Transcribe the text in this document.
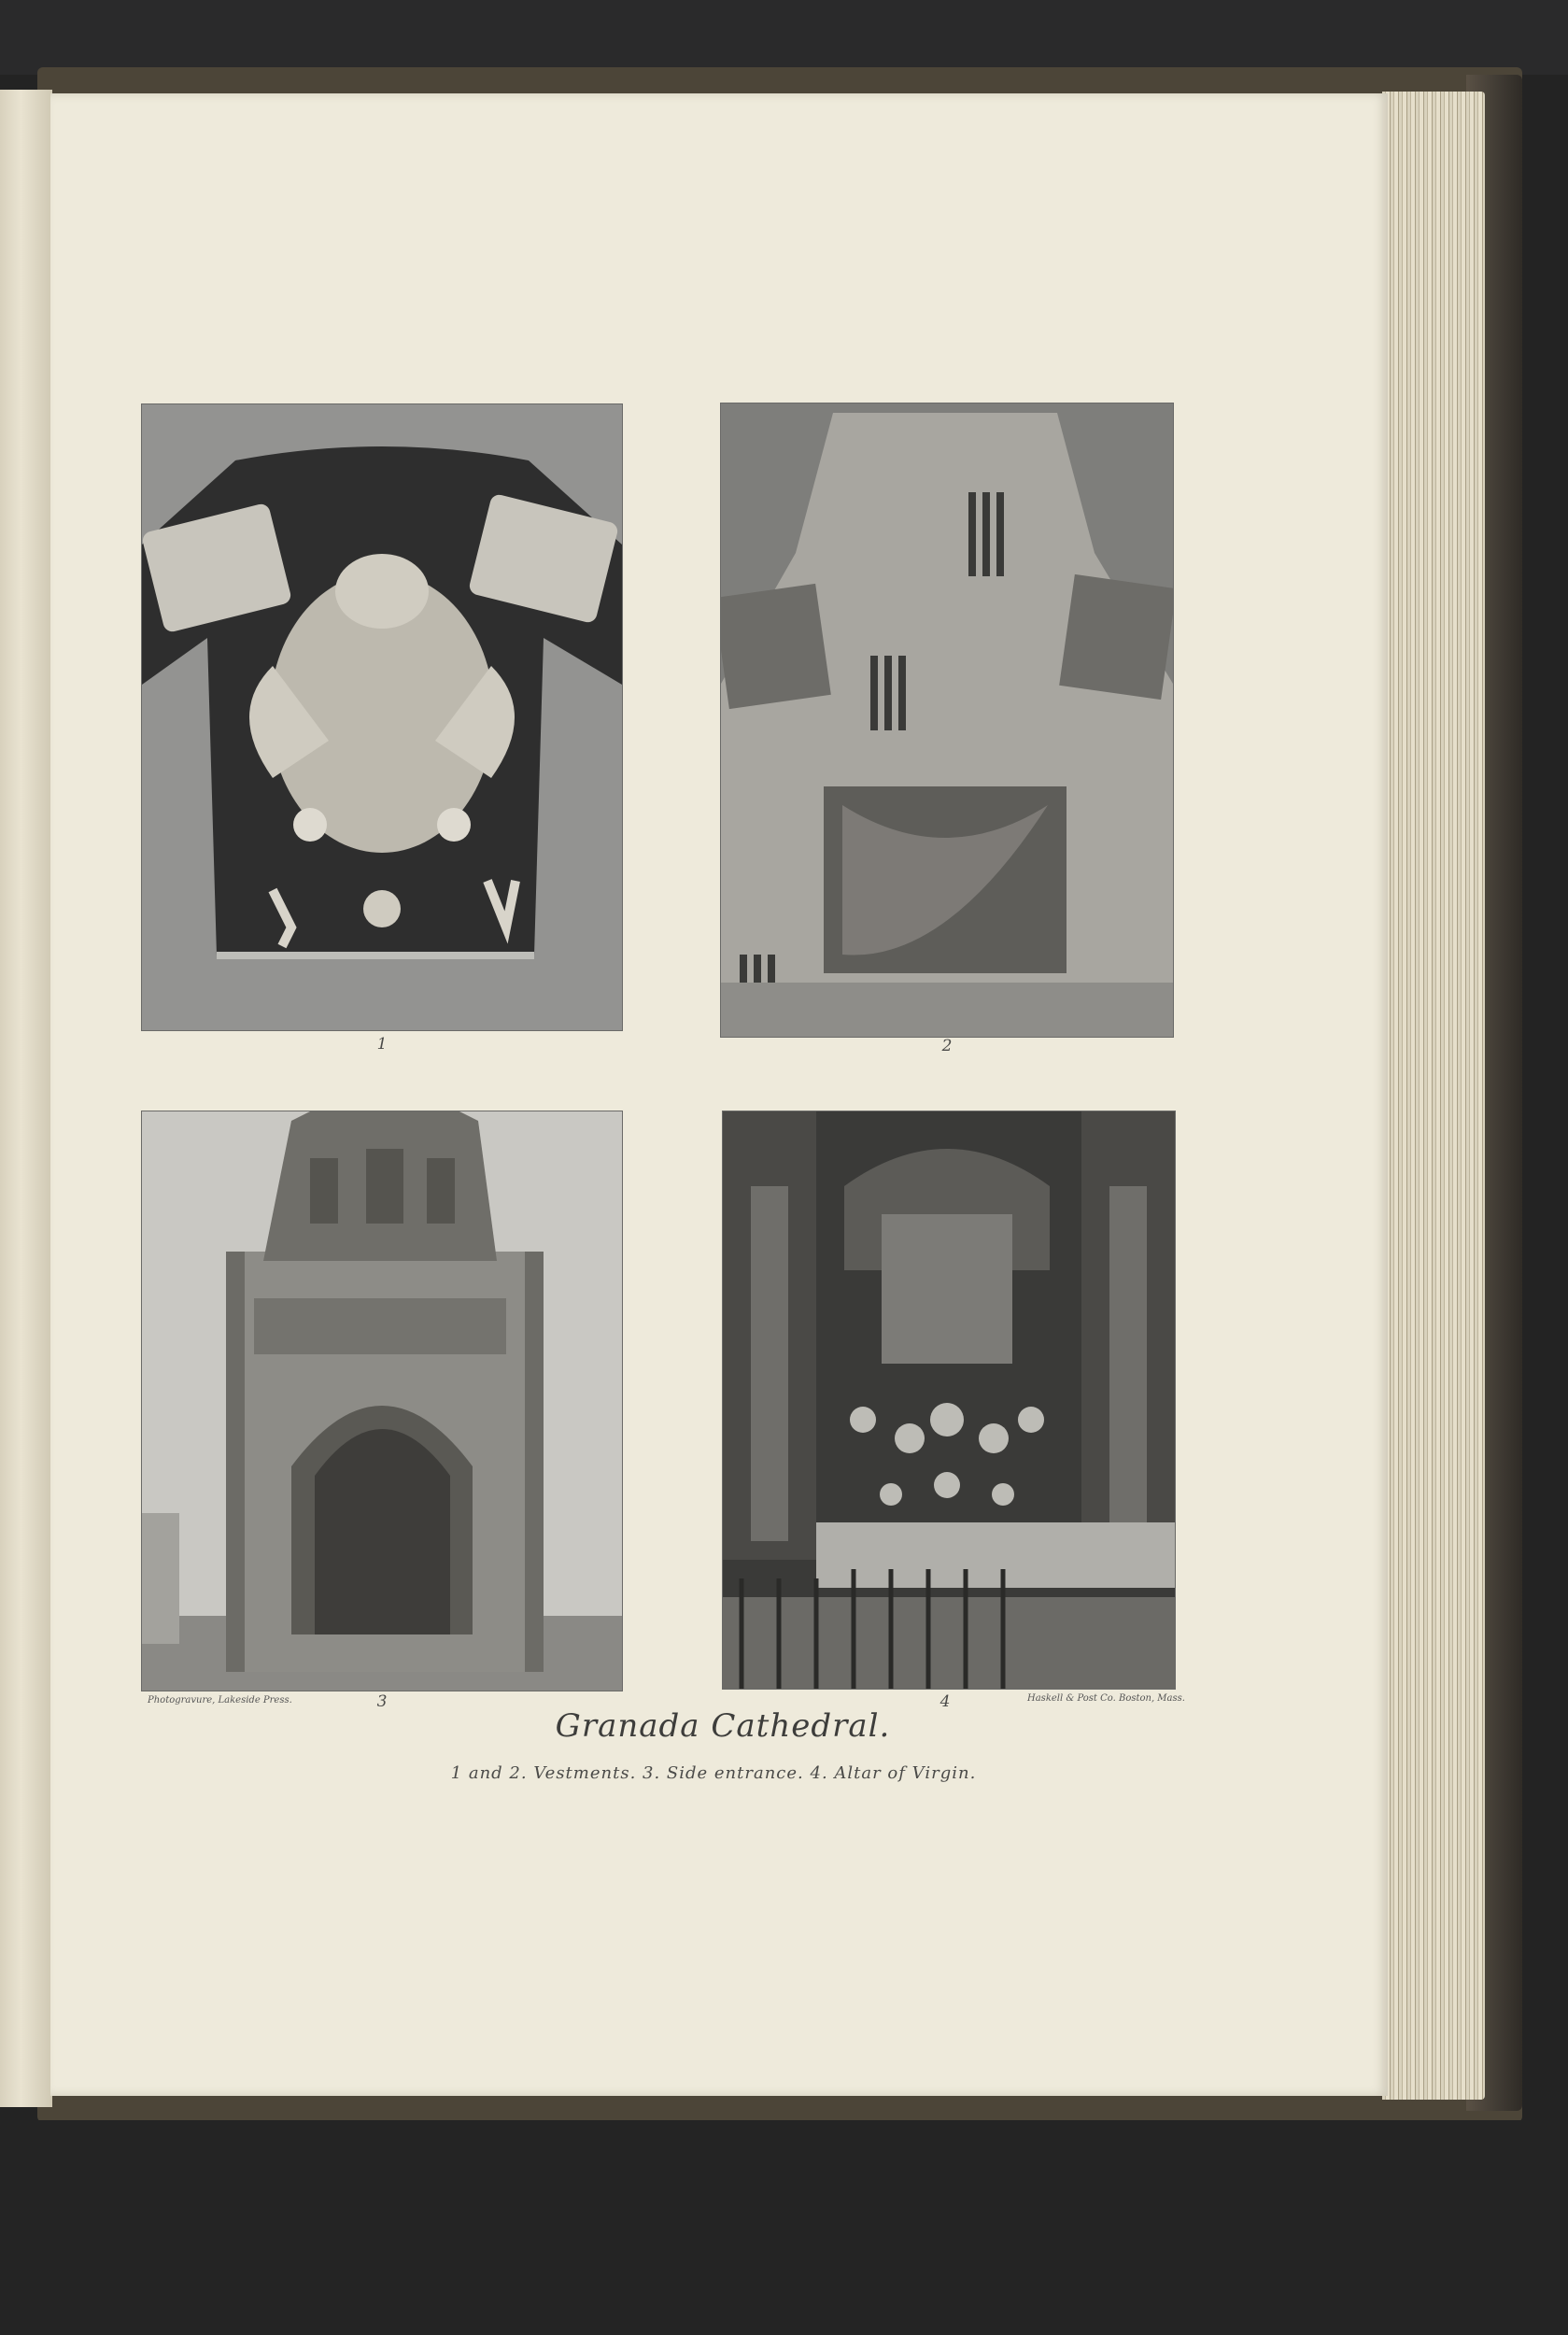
1	2
3
Photogravure, Lakeside Press.	4	Haskell & Post Co. Boston, Mass.
Granada Cathedral.
1 and 2. Vestments. 3. Side entrance. 4. Altar of Virgin.
